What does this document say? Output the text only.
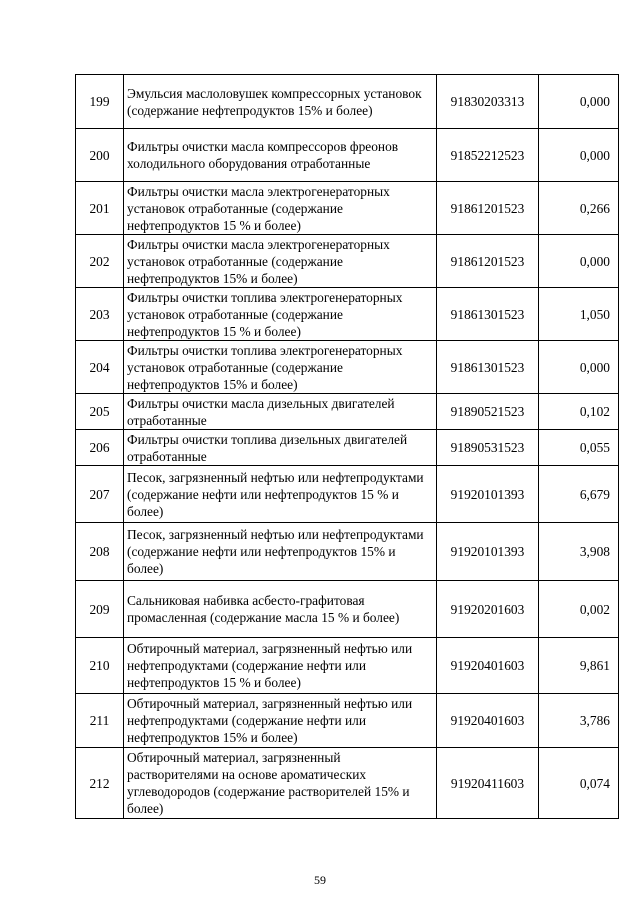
199	Эмульсия маслоловушек компрессорных установок (содержание нефтепродуктов 15% и более)	91830203313	0,000
200	Фильтры очистки масла компрессоров фреонов холодильного оборудования отработанные	91852212523	0,000
201	Фильтры очистки масла электрогенераторных установок отработанные (содержание нефтепродуктов 15 % и более)	91861201523	0,266
202	Фильтры очистки масла электрогенераторных установок отработанные (содержание нефтепродуктов 15% и более)	91861201523	0,000
203	Фильтры очистки топлива электрогенераторных установок отработанные (содержание нефтепродуктов 15 % и более)	91861301523	1,050
204	Фильтры очистки топлива электрогенераторных установок отработанные (содержание нефтепродуктов 15% и более)	91861301523	0,000
205	Фильтры очистки масла дизельных двигателей отработанные	91890521523	0,102
206	Фильтры очистки топлива дизельных двигателей отработанные	91890531523	0,055
207	Песок, загрязненный нефтью или нефтепродуктами (содержание нефти или нефтепродуктов 15 % и более)	91920101393	6,679
208	Песок, загрязненный нефтью или нефтепродуктами (содержание нефти или нефтепродуктов 15% и более)	91920101393	3,908
209	Сальниковая набивка асбесто-графитовая промасленная (содержание масла 15 % и более)	91920201603	0,002
210	Обтирочный материал, загрязненный нефтью или нефтепродуктами (содержание нефти или нефтепродуктов 15 % и более)	91920401603	9,861
211	Обтирочный материал, загрязненный нефтью или нефтепродуктами (содержание нефти или нефтепродуктов 15% и более)	91920401603	3,786
212	Обтирочный материал, загрязненный растворителями на основе ароматических углеводородов (содержание растворителей 15% и более)	91920411603	0,074
59
